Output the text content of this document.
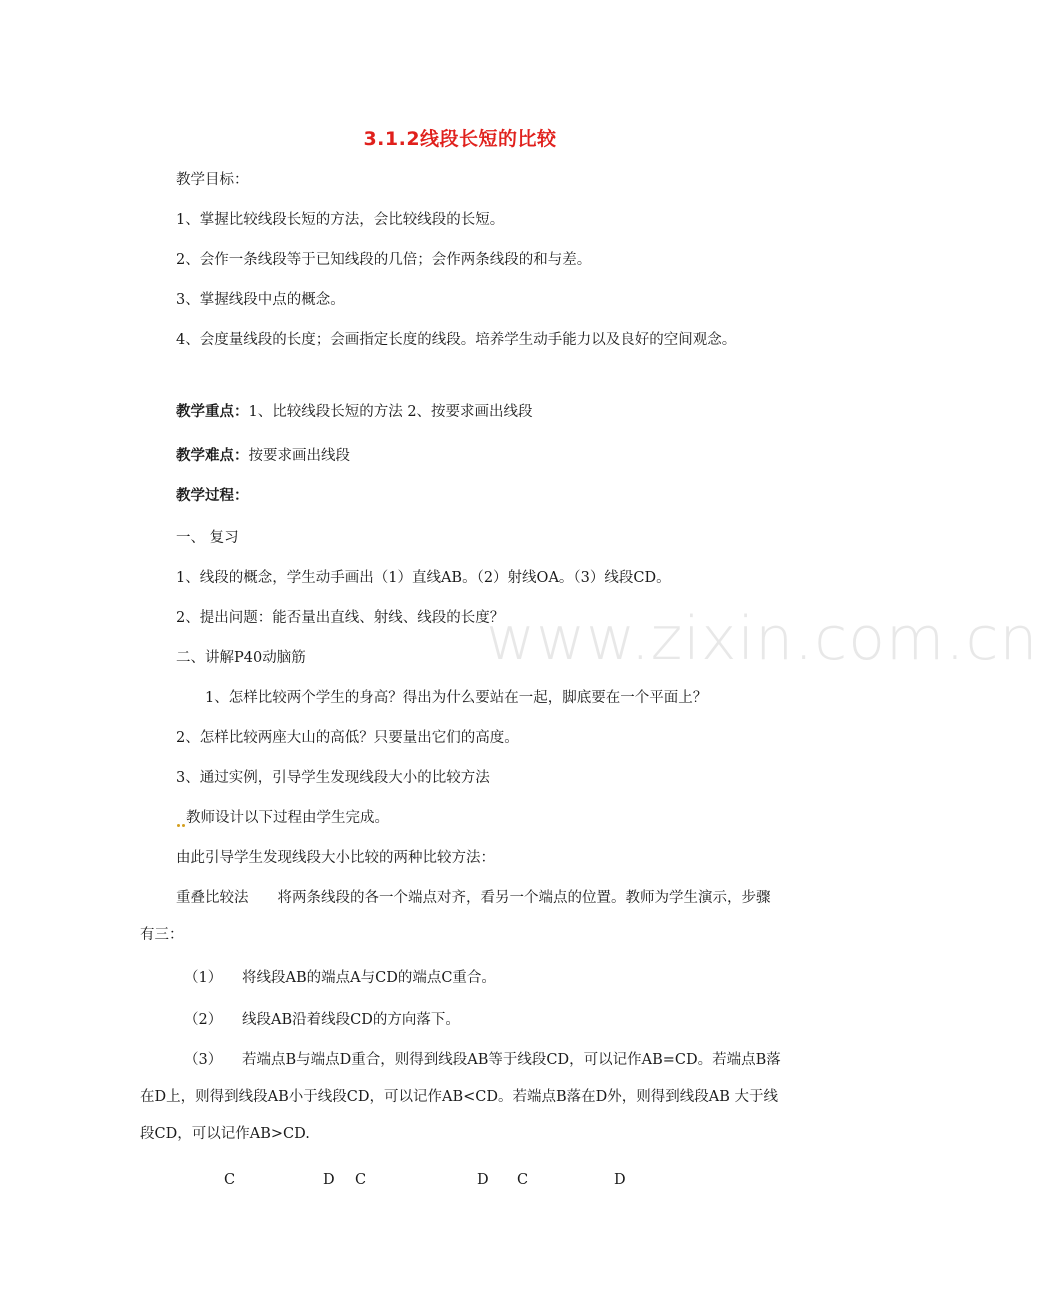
www.zixin.com.cn
3.1.2线段长短的比较
教学目标：
1、掌握比较线段长短的方法，会比较线段的长短。
2、会作一条线段等于已知线段的几倍；会作两条线段的和与差。
3、掌握线段中点的概念。
4、会度量线段的长度；会画指定长度的线段。培养学生动手能力以及良好的空间观念。
教学重点：1、比较线段长短的方法 2、按要求画出线段
教学难点：按要求画出线段
教学过程：
一、 复习
1、线段的概念，学生动手画出（1）直线AB。（2）射线OA。（3）线段CD。
2、提出问题：能否量出直线、射线、线段的长度？
二、讲解P40动脑筋
1、怎样比较两个学生的身高？得出为什么要站在一起，脚底要在一个平面上？
2、怎样比较两座大山的高低？只要量出它们的高度。
3、通过实例，引导学生发现线段大小的比较方法
教师设计以下过程由学生完成。
由此引导学生发现线段大小比较的两种比较方法：
重叠比较法　　将两条线段的各一个端点对齐，看另一个端点的位置。教师为学生演示，步骤有三：
（1） 将线段AB的端点A与CD的端点C重合。
（2） 线段AB沿着线段CD的方向落下。
（3） 若端点B与端点D重合，则得到线段AB等于线段CD，可以记作AB=CD。若端点B落在D上，则得到线段AB小于线段CD，可以记作AB<CD。若端点B落在D外，则得到线段AB 大于线段CD，可以记作AB>CD.
C	D C	D C	D
